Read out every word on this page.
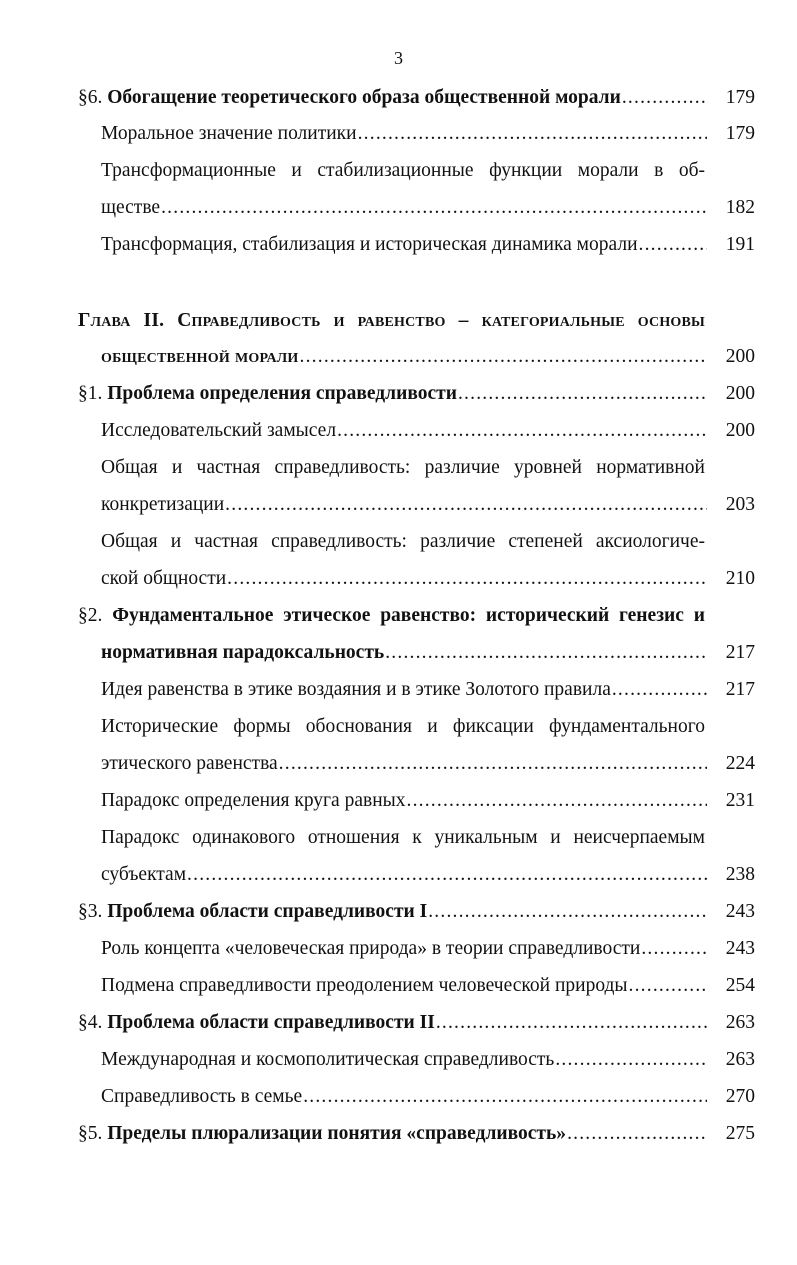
3
§6. Обогащение теоретического образа общественной морали .....	179
Моральное значение политики .....	179
Трансформационные и стабилизационные функции морали в об-
ществе .....	182
Трансформация, стабилизация и историческая динамика морали .....	191
Глава II. Справедливость и равенство – категориальные основы
общественной морали .....	200
§1. Проблема определения справедливости .....	200
Исследовательский замысел .....	200
Общая и частная справедливость: различие уровней нормативной
конкретизации .....	203
Общая и частная справедливость: различие степеней аксиологиче-
ской общности .....	210
§2. Фундаментальное этическое равенство: исторический генезис и
нормативная парадоксальность .....	217
Идея равенства в этике воздаяния и в этике Золотого правила .....	217
Исторические формы обоснования и фиксации фундаментального
этического равенства .....	224
Парадокс определения круга равных .....	231
Парадокс одинакового отношения к уникальным и неисчерпаемым
субъектам .....	238
§3. Проблема области справедливости I .....	243
Роль концепта «человеческая природа» в теории справедливости .....	243
Подмена справедливости преодолением человеческой природы .....	254
§4. Проблема области справедливости II .....	263
Международная и космополитическая справедливость .....	263
Справедливость в семье .....	270
§5. Пределы плюрализации понятия «справедливость» .....	275
